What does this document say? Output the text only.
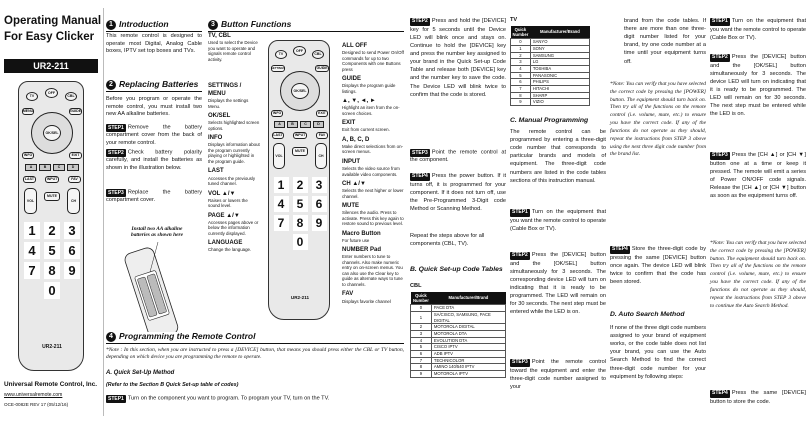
Operating Manual
For Easy Clicker
UR2-211
TV
OFF
CBL
OK/SEL
MENU	GUIDE
INFO	EXIT
A	B	C	D
LAST	INPUT	FAV
VOL
MUTE
CH
1 2 3
4 5 6
7 8 9
0
UR2-211
Universal Remote Control, Inc.
www.universalremote.com
OCE-0082E REV 17 (05/12/16)
1 Introduction

This remote control is designed to operate most Digital, Analog Cable boxes, IPTV set top boxes and TVs.

2 Replacing Batteries

Before you program or operate the remote control, you must install two new AA alkaline batteries.

STEP1 Remove the battery compartment cover from the back of your remote control.
STEP2 Check battery polarity carefully, and install the batteries as shown in the illustration below.
STEP3 Replace the battery compartment cover.
Install two AA alkaline batteries as shown here
3 Button Functions
TV, CBL
Used to select the Device you want to operate and signals remote control activity.
SETTINGS / MENU
Displays the settings Menu.
OK/SEL
Selects highlighted screen options.
INFO
Displays information about the program currently playing or highlighted in the program guide.
LAST
Accesses the previously tuned channel.
VOL ▲/▼
Raises or lowers the sound level.
PAGE ▲/▼
Accesses pages above or below the information currently displayed.
LANGUAGE
Change the language.
TV
OFF
CBL
OK/SEL
SETTINGS	GUIDE
INFO	EXIT
A	B	C	D
LAST	INPUT	FAV
VOL
MUTE
CH
1	2	3
4	5	6
7	8	9
0
UR2-211
ALL OFF
Designed to send Power On/Off commands for up to two Components with one Buttons press
GUIDE
Displays the program guide listings.
▲, ▼, ◄, ►
Highlight an item from the on-screen choices.
EXIT
Exit from current screen.
A, B, C, D
Make direct selections from on-screen menus.
INPUT
Selects the video source from available video components.
CH ▲/▼
Selects the next higher or lower channel.
MUTE
Silences the audio. Press to activate. Press this key again to restore sound to previous level.
Macro Button
For future use
NUMBER Pad
Enter numbers to tune to channels. Also make numeric entry on on-screen menus. You can also use the Clear key to guide as alternate ways to tune to channels.
FAV
Displays favorite channel
4 Programming the Remote Control

*Note : In this section, when you are instructed to press a [DEVICE] button, that means you should press either the CBL or TV button, depending on which device you are programming the remote to operate.

A. Quick Set-Up Method
(Refer to the Section B Quick Set-up table of codes)
STEP1 Turn on the component you want to program. To program your TV, turn on the TV.
STEP2 Press and hold the [DEVICE] key for 5 seconds until the Device LED will blink once and stays on. Continue to hold the [DEVICE] key and press the number key assigned to your brand in the Quick Set-up Code Table and release both [DEVICE] key and the number key to save the code. The Device LED will blink twice to confirm that the code is stored.
STEP3 Point the remote control at the component.
STEP4 Press the power button. If it turns off, it is programmed for your component. If it does not turn off, use the Pre-Programmed 3-Digit code Method or Scanning Method.

Repeat the steps above for all components (CBL, TV).

B. Quick Set-up Code Tables
CBL
Quick Number	Manufacturer/Brand
0	PACE DTA
1	SA/CISCO, SAMSUNG, PACE DIGITAL
2	MOTOROLA DIGITAL
3	MOTOROLA DTA
4	EVOLUTION DTA
5	CISCO IPTV
6	ADB IPTV
7	TECHNICOLOR
8	AMINO 140/540 IPTV
9	MOTOROLA IPTV
TV
Quick Number	Manufacturer/Brand
0	SANYO
1	SONY
2	SAMSUNG
3	LG
4	TOSHIBA
5	PANASONIC
6	PHILIPS
7	HITACHI
8	SHARP
9	VIZIO
C. Manual Programming

The remote control can be programmed by entering a three-digit code number that corresponds to particular brands and models of equipment. The three-digit code numbers are listed in the code tables sections of this instruction manual.

STEP1 Turn on the equipment that you want the remote control to operate (Cable Box or TV).
STEP2 Press the [DEVICE] button and the [OK/SEL] button simultaneously for 3 seconds. The corresponding device LED will turn on indicating that it is ready to be programmed. The LED will remain on for 30 seconds. The next step must be entered while the LED is on.
STEP3 Point the remote control toward the equipment and enter the three-digit code number assigned to your

brand from the code tables. If there are more than one three-digit number listed for your brand, try one code number at a time until your equipment turns off.

*Note: You can verify that you have selected the correct code by pressing the [POWER] button. The equipment should turn back on. Then try all of the functions on the remote control (i.e. volume, mute, etc.) to ensure you have the correct code. If any of the functions do not operate as they should, repeat the instructions from STEP 3 above using the next three digit code number from the brand list.

STEP4 Store the three-digit code by pressing the same [DEVICE] button once again. The device LED will blink twice to confirm that the code has been stored.
D. Auto Search Method

If none of the three digit code numbers assigned to your brand of equipment works, or the code table does not list your brand, you can use the Auto Search Method to find the correct three-digit code number for your equipment by following steps:

STEP1 Turn on the equipment that you want the remote control to operate (Cable Box or TV).
STEP2 Press the [DEVICE] button and the [OK/SEL] button simultaneously for 3 seconds. The device LED will turn on indicating that it is ready to be programmed. The LED will remain on for 30 seconds. The next step must be entered while the LED is on.
STEP3 Press the [CH ▲] or [CH ▼] button one at a time or keep it pressed. The remote will emit a series of Power ON/OFF code signals. Release the [CH ▲] or [CH ▼] button as soon as the equipment turns off.

*Note: You can verify that you have selected the correct code by pressing the [POWER] button. The equipment should turn back on. Then try all of the functions on the remote control (i.e. volume, mute, etc.) to ensure you have the correct code. If any of the functions do not operate as they should, repeat the instructions from STEP 3 above to continue the Auto Search Method.

STEP4 Press the same [DEVICE] button to store the code.
